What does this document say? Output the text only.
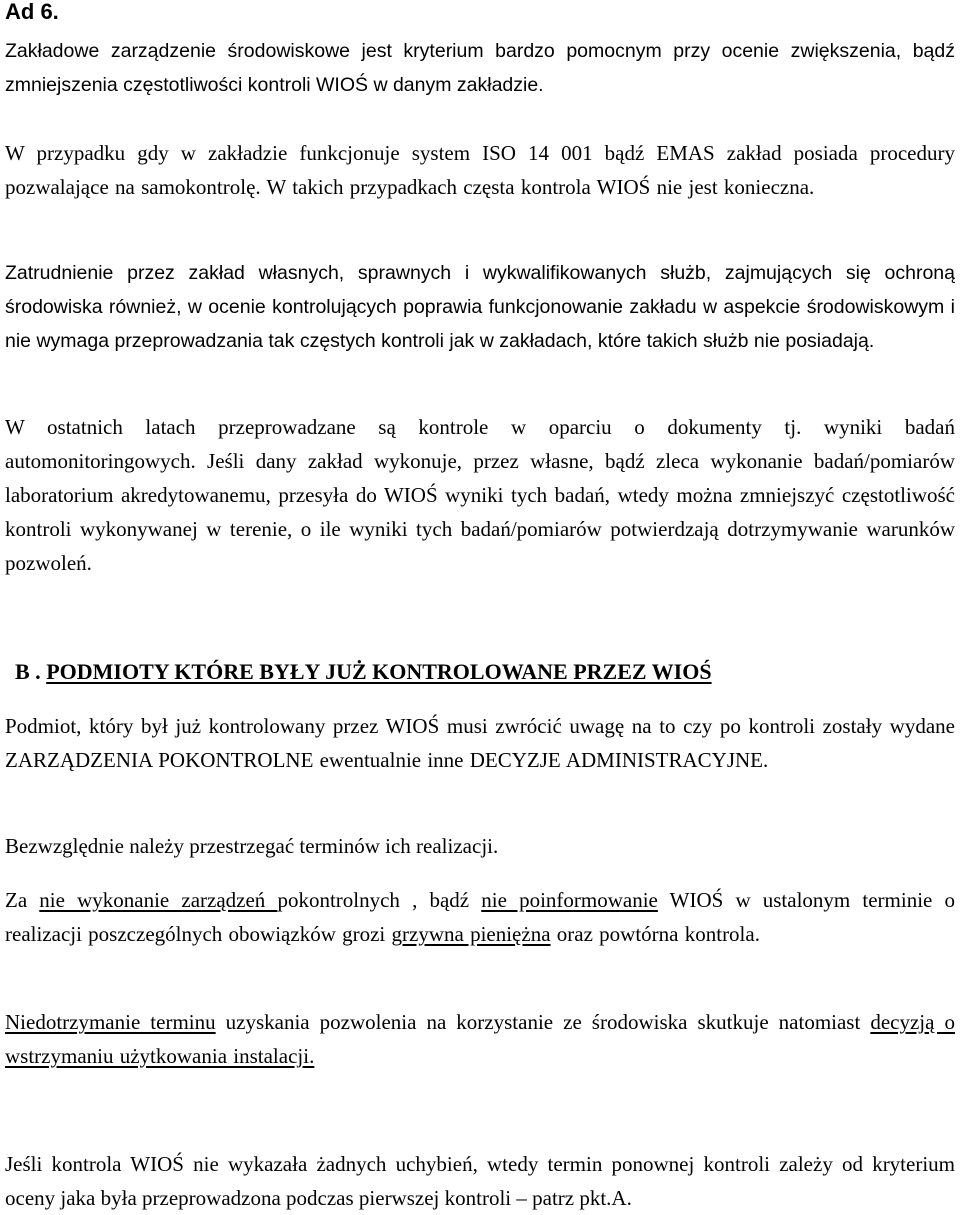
Ad 6.

Zakładowe zarządzenie środowiskowe jest kryterium bardzo pomocnym przy ocenie zwiększenia, bądź zmniejszenia częstotliwości kontroli WIOŚ w danym zakładzie.

W przypadku gdy w zakładzie funkcjonuje system ISO 14 001 bądź EMAS zakład posiada procedury pozwalające na samokontrolę. W takich przypadkach częsta kontrola WIOŚ nie jest konieczna.

Zatrudnienie przez zakład własnych, sprawnych i wykwalifikowanych służb, zajmujących się ochroną środowiska również, w ocenie kontrolujących poprawia funkcjonowanie zakładu w aspekcie środowiskowym i nie wymaga przeprowadzania tak częstych kontroli jak w zakładach, które takich służb nie posiadają.

W ostatnich latach przeprowadzane są kontrole w oparciu o dokumenty tj. wyniki badań automonitoringowych. Jeśli dany zakład wykonuje, przez własne, bądź zleca wykonanie badań/pomiarów laboratorium akredytowanemu, przesyła do WIOŚ wyniki tych badań, wtedy można zmniejszyć częstotliwość kontroli wykonywanej w terenie, o ile wyniki tych badań/pomiarów potwierdzają dotrzymywanie warunków pozwoleń.

B . PODMIOTY KTÓRE BYŁY JUŻ KONTROLOWANE PRZEZ WIOŚ

Podmiot, który był już kontrolowany przez WIOŚ musi zwrócić uwagę na to czy po kontroli zostały wydane ZARZĄDZENIA POKONTROLNE ewentualnie inne DECYZJE ADMINISTRACYJNE.

Bezwzględnie należy przestrzegać terminów ich realizacji.

Za nie wykonanie zarządzeń pokontrolnych , bądź nie poinformowanie WIOŚ w ustalonym terminie o realizacji poszczególnych obowiązków grozi grzywna pieniężna oraz powtórna kontrola.

Niedotrzymanie terminu uzyskania pozwolenia na korzystanie ze środowiska skutkuje natomiast decyzją o wstrzymaniu użytkowania instalacji.

Jeśli kontrola WIOŚ nie wykazała żadnych uchybień, wtedy termin ponownej kontroli zależy od kryterium oceny jaka była przeprowadzona podczas pierwszej kontroli – patrz pkt.A.
